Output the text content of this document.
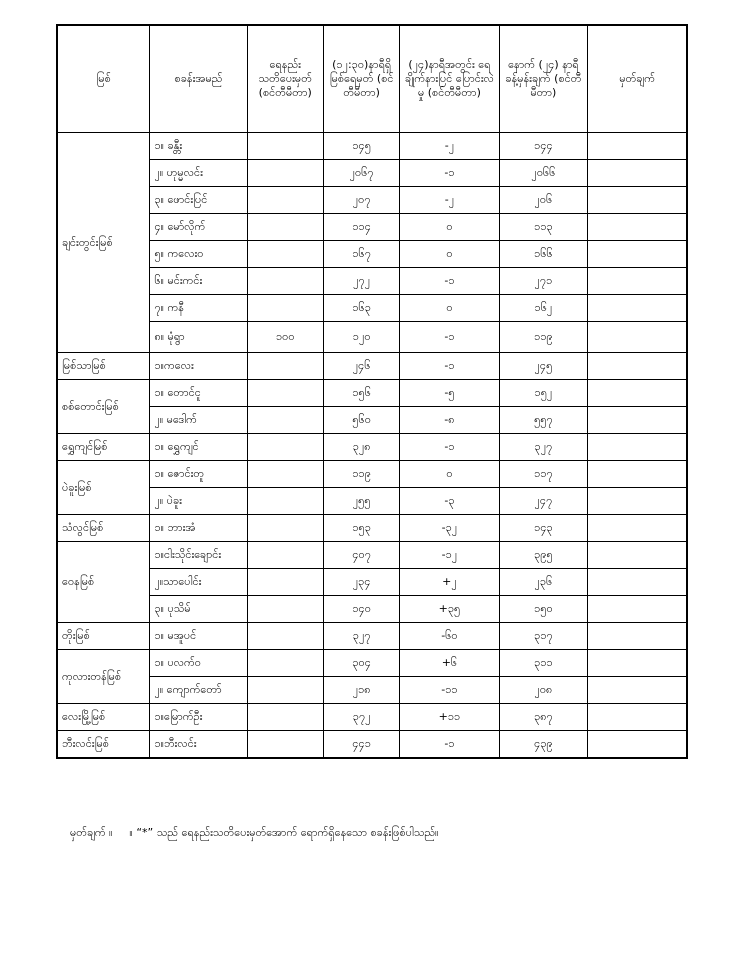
မြစ်	စခန်းအမည်	ရေနည်း သတိပေးမှတ် (စင်တီမီတာ)	(၁၂:၃၀)နာရီရှိ မြစ်ရေမှတ် (စင်တီမီတာ)	(၂၄)နာရီအတွင်း ရေချိုက်နားပြင် ပြောင်းလဲမှု (စင်တီမီတာ)	နောက် (၂၄) နာရီ ခန့်မှန်းချက် (စင်တီမီတာ)	မှတ်ချက်
ချင်းတွင်းမြစ်	၁။ ခန္တီး		၁၄၅	-၂	၁၄၄	
	၂။ ဟုမ္မလင်း		၂၀၆၇	-၁	၂၀၆၆	
	၃။ ဖောင်းပြင်		၂၀၇	-၂	၂၀၆	
	၄။ မော်လိုက်		၁၁၄	၀	၁၁၃	
	၅။ ကလေး၀		၁၆၇	၀	၁၆၆	
	၆။ မင်းကင်း		၂၇၂	-၁	၂၇၁	
	၇။ ကနီ		၁၆၃	၀	၁၆၂	
	၈။ မုံရွာ	၁၀၀	၁၂၀	-၁	၁၁၉	
မြစ်သာမြစ်	၁။ကလေး		၂၄၆	-၁	၂၄၅	
စစ်တောင်းမြစ်	၁။ တောင်ငူ		၁၅၆	-၅	၁၅၂	
	၂။ မဒေါက်		၅၆၀	-၈	၅၅၇	
ရွှေကျင်မြစ်	၁။ ရွှေကျင်		၃၂၈	-၁	၃၂၇	
ပဲခူးမြစ်	၁။ ဇောင်းတူ		၁၁၉	၀	၁၁၇	
	၂။ ပဲခူး		၂၅၅	-၃	၂၄၇	
သံလွင်မြစ်	၁။ ဘားအံ		၁၅၃	-၃၂	၁၄၃	
ဝေနမြစ်	၁။ငါးသိုင်းချောင်း		၄၀၇	-၁၂	၃၉၅	
	၂။သာပေါင်း		၂၃၄	+၂	၂၃၆	
	၃။ ပုသိမ်		၁၄၀	+၃၅	၁၅၀	
တိုးမြစ်	၁။ မအူပင်		၃၂၇	-၆၀	၃၁၇	
ကုလားတန်မြစ်	၁။ ပလက်၀		၃၀၄	+၆	၃၁၁	
	၂။ ကျောက်တော်		၂၁၈	-၁၁	၂၀၈	
လေးမြို့မြစ်	၁။မြောက်ဦး		၃၇၂	+၁၁	၃၈၇	
ဘီးလင်းမြစ်	၁။ဘီးလင်း		၄၄၁	-၁	၄၃၉	
မှတ်ချက် ။ ။ “*” သည် ရေနည်းသတိပေးမှတ်အောက် ရောက်ရှိနေသော စခန်းဖြစ်ပါသည်။
